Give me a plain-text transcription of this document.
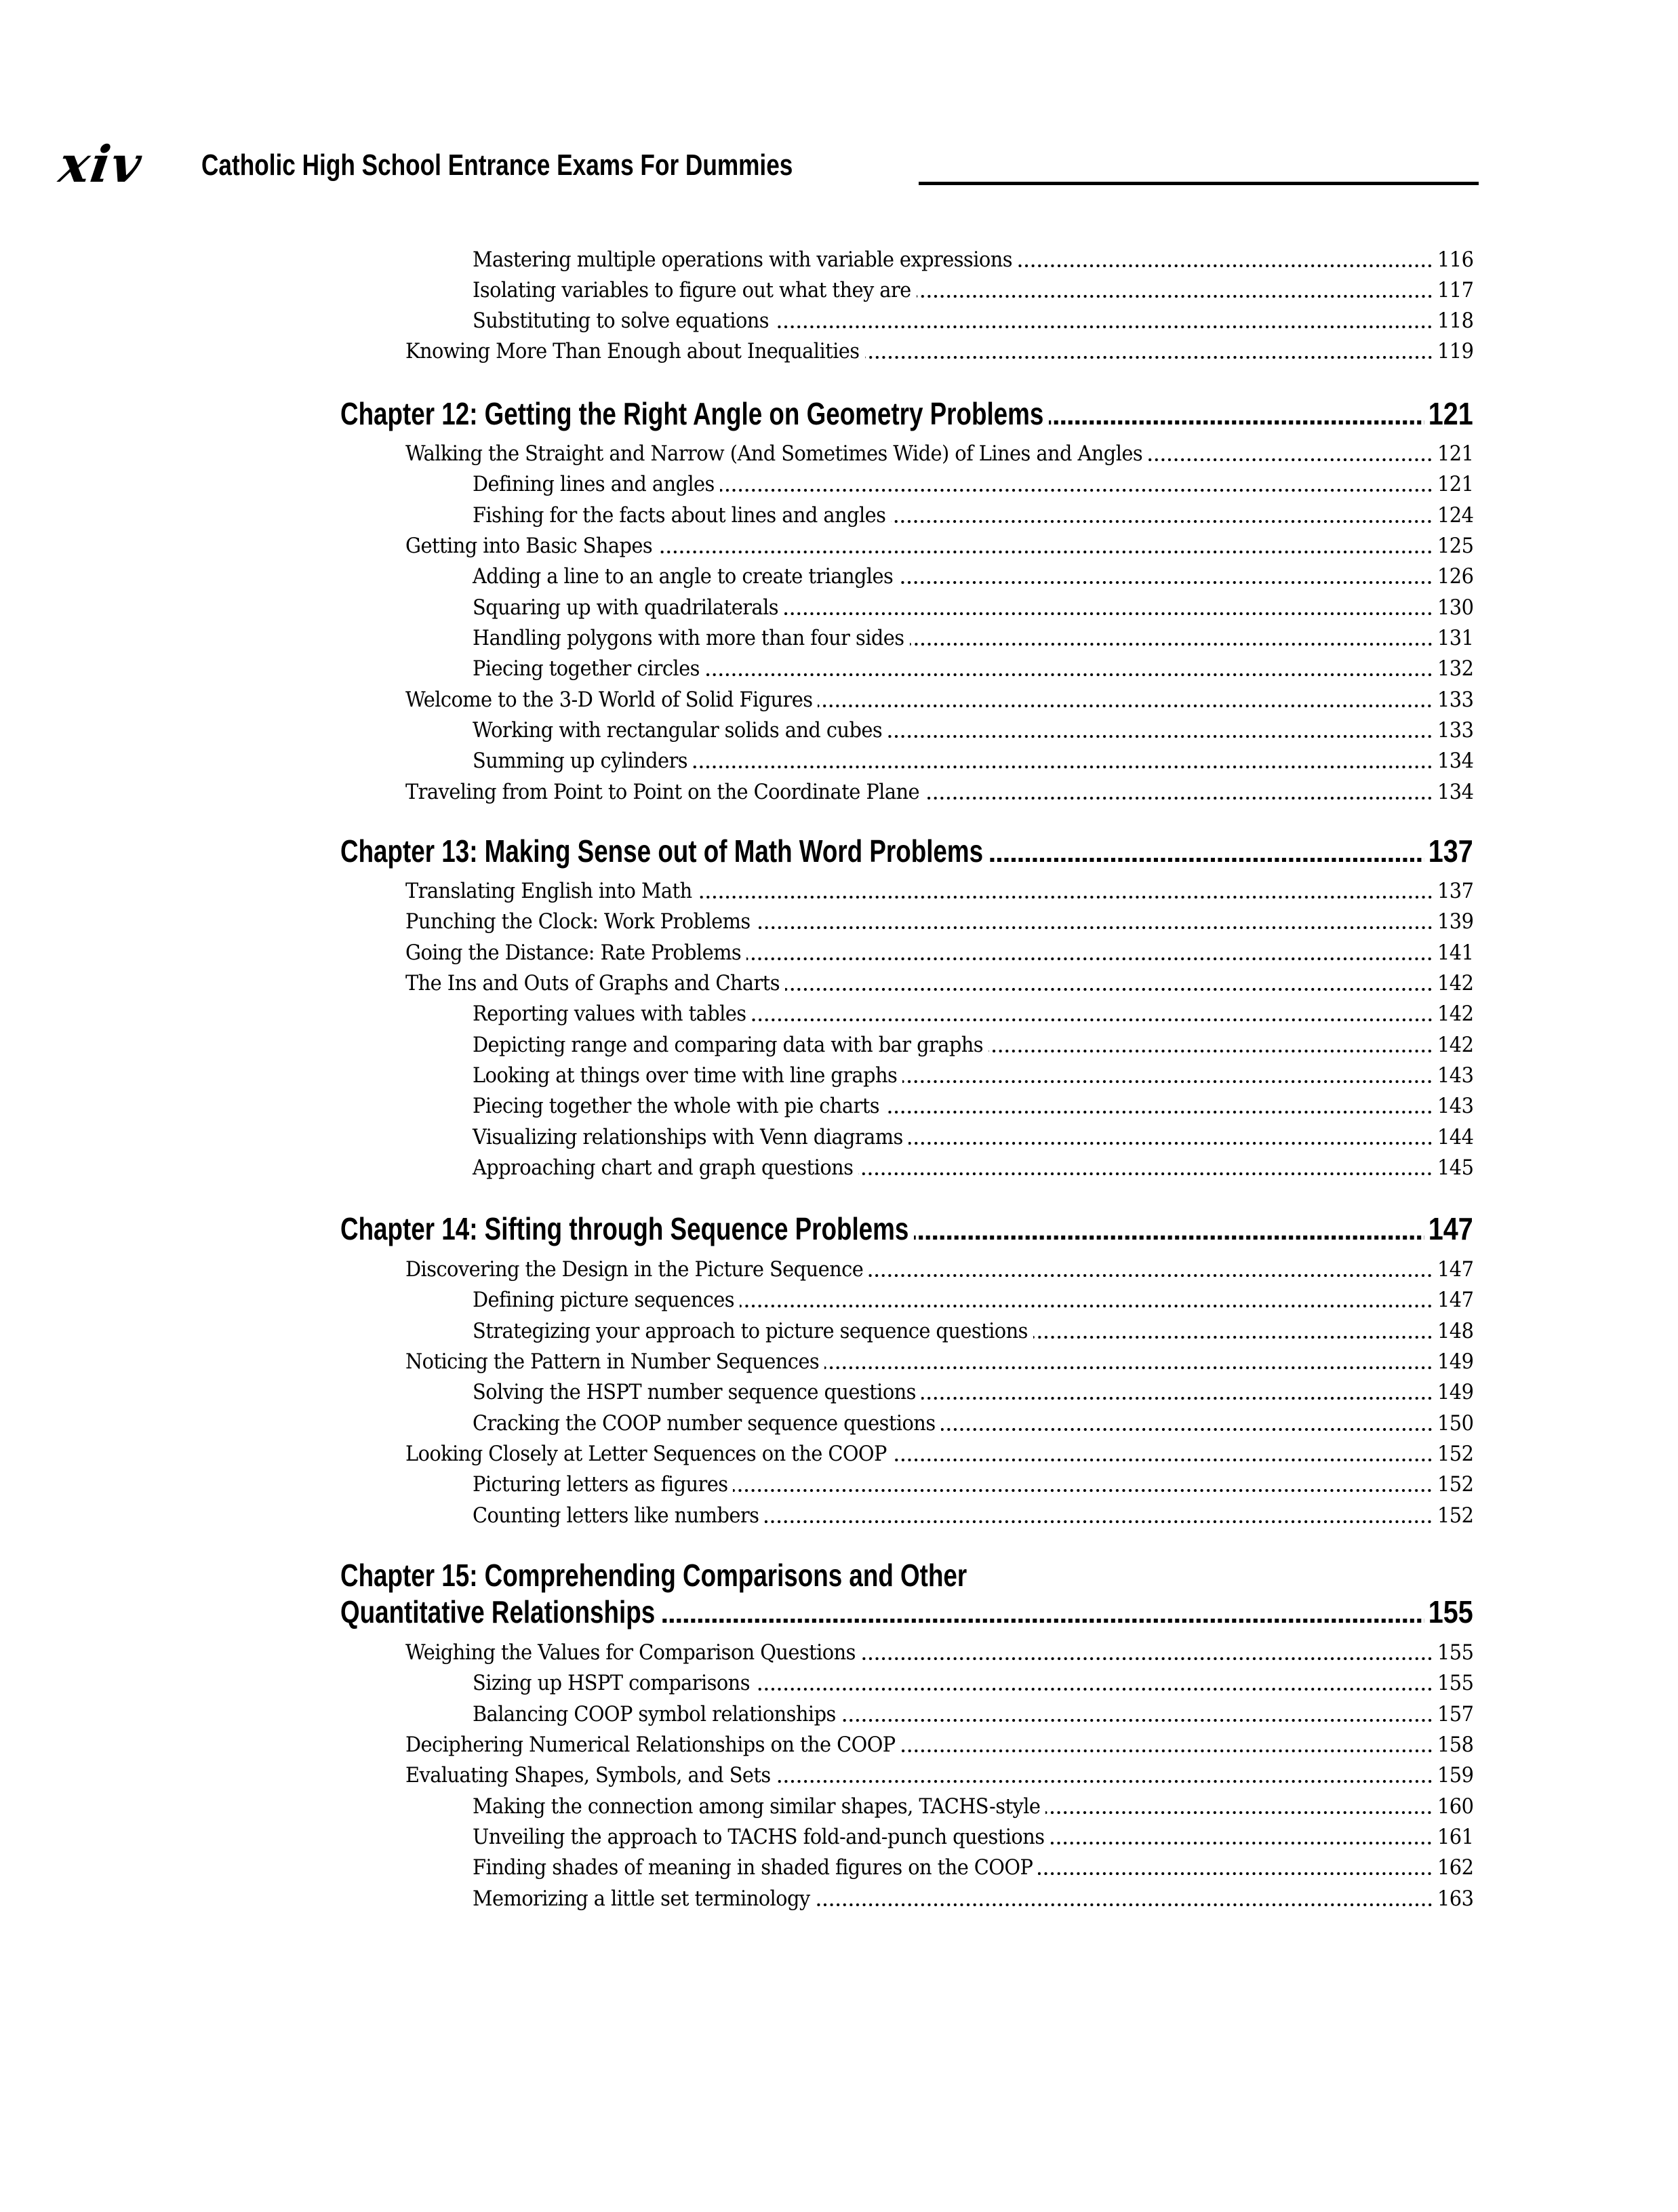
xiv Catholic High School Entrance Exams For Dummies
Mastering multiple operations with variable expressions	116
Isolating variables to figure out what they are	117
Substituting to solve equations	118
Knowing More Than Enough about Inequalities	119
Chapter 12: Getting the Right Angle on Geometry Problems	121
Walking the Straight and Narrow (And Sometimes Wide) of Lines and Angles	121
Defining lines and angles	121
Fishing for the facts about lines and angles	124
Getting into Basic Shapes	125
Adding a line to an angle to create triangles	126
Squaring up with quadrilaterals	130
Handling polygons with more than four sides	131
Piecing together circles	132
Welcome to the 3-D World of Solid Figures	133
Working with rectangular solids and cubes	133
Summing up cylinders	134
Traveling from Point to Point on the Coordinate Plane	134
Chapter 13: Making Sense out of Math Word Problems	137
Translating English into Math	137
Punching the Clock: Work Problems	139
Going the Distance: Rate Problems	141
The Ins and Outs of Graphs and Charts	142
Reporting values with tables	142
Depicting range and comparing data with bar graphs	142
Looking at things over time with line graphs	143
Piecing together the whole with pie charts	143
Visualizing relationships with Venn diagrams	144
Approaching chart and graph questions	145
Chapter 14: Sifting through Sequence Problems	147
Discovering the Design in the Picture Sequence	147
Defining picture sequences	147
Strategizing your approach to picture sequence questions	148
Noticing the Pattern in Number Sequences	149
Solving the HSPT number sequence questions	149
Cracking the COOP number sequence questions	150
Looking Closely at Letter Sequences on the COOP	152
Picturing letters as figures	152
Counting letters like numbers	152
Chapter 15: Comprehending Comparisons and Other
Quantitative Relationships	155
Weighing the Values for Comparison Questions	155
Sizing up HSPT comparisons	155
Balancing COOP symbol relationships	157
Deciphering Numerical Relationships on the COOP	158
Evaluating Shapes, Symbols, and Sets	159
Making the connection among similar shapes, TACHS-style	160
Unveiling the approach to TACHS fold-and-punch questions	161
Finding shades of meaning in shaded figures on the COOP	162
Memorizing a little set terminology	163
